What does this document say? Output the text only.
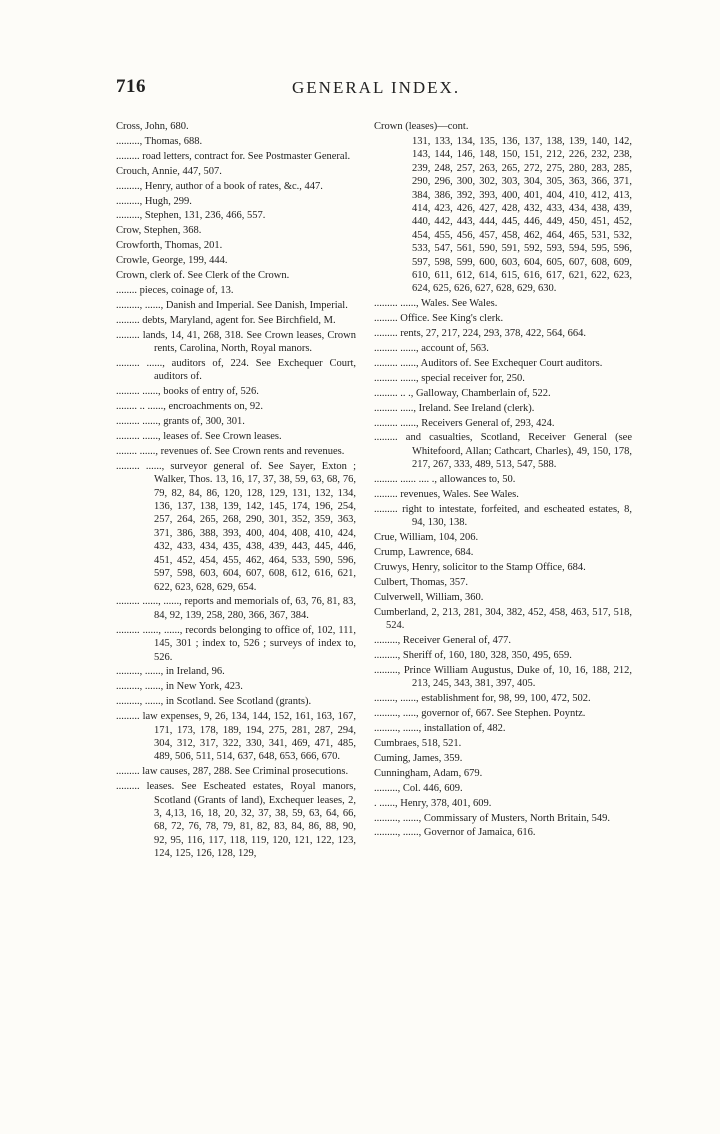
716	GENERAL INDEX.
Cross, John, 680.
........., Thomas, 688.
......... road letters, contract for. See Postmaster General.
Crouch, Annie, 447, 507.
........., Henry, author of a book of rates, &c., 447.
........., Hugh, 299.
........., Stephen, 131, 236, 466, 557.
Crow, Stephen, 368.
Crowforth, Thomas, 201.
Crowle, George, 199, 444.
Crown, clerk of. See Clerk of the Crown.
........ pieces, coinage of, 13.
........., ......, Danish and Imperial. See Danish, Imperial.
......... debts, Maryland, agent for. See Birchfield, M.
......... lands, 14, 41, 268, 318. See Crown leases, Crown rents, Carolina, North, Royal manors.
......... ......, auditors of, 224. See Exchequer Court, auditors of.
......... ......, books of entry of, 526.
........ .. ......, encroachments on, 92.
......... ......, grants of, 300, 301.
......... ......, leases of. See Crown leases.
........ ......, revenues of. See Crown rents and revenues.
......... ......, surveyor general of. See Sayer, Exton ; Walker, Thos. 13, 16, 17, 37, 38, 59, 63, 68, 76, 79, 82, 84, 86, 120, 128, 129, 131, 132, 134, 136, 137, 138, 139, 142, 145, 174, 196, 254, 257, 264, 265, 268, 290, 301, 352, 359, 363, 371, 386, 388, 393, 400, 404, 408, 410, 424, 432, 433, 434, 435, 438, 439, 443, 445, 446, 451, 452, 454, 455, 462, 464, 533, 590, 596, 597, 598, 603, 604, 607, 608, 612, 616, 621, 622, 623, 628, 629, 654.
......... ......, ......, reports and memorials of, 63, 76, 81, 83, 84, 92, 139, 258, 280, 366, 367, 384.
......... ......, ......, records belonging to office of, 102, 111, 145, 301 ; index to, 526 ; surveys of index to, 526.
........., ......, in Ireland, 96.
........., ......, in New York, 423.
........., ......, in Scotland. See Scotland (grants).
......... law expenses, 9, 26, 134, 144, 152, 161, 163, 167, 171, 173, 178, 189, 194, 275, 281, 287, 294, 304, 312, 317, 322, 330, 341, 469, 471, 485, 489, 506, 511, 514, 637, 648, 653, 666, 670.
......... law causes, 287, 288. See Criminal prosecutions.
......... leases. See Escheated estates, Royal manors, Scotland (Grants of land), Exchequer leases, 2, 3, 4,13, 16, 18, 20, 32, 37, 38, 59, 63, 64, 66, 68, 72, 76, 78, 79, 81, 82, 83, 84, 86, 88, 90, 92, 95, 116, 117, 118, 119, 120, 121, 122, 123, 124, 125, 126, 128, 129,
Crown (leases)—cont.
131, 133, 134, 135, 136, 137, 138, 139, 140, 142, 143, 144, 146, 148, 150, 151, 212, 226, 232, 238, 239, 248, 257, 263, 265, 272, 275, 280, 283, 285, 290, 296, 300, 302, 303, 304, 305, 363, 366, 371, 384, 386, 392, 393, 400, 401, 404, 410, 412, 413, 414, 423, 426, 427, 428, 432, 433, 434, 438, 439, 440, 442, 443, 444, 445, 446, 449, 450, 451, 452, 454, 455, 456, 457, 458, 462, 464, 465, 531, 532, 533, 547, 561, 590, 591, 592, 593, 594, 595, 596, 597, 598, 599, 600, 603, 604, 605, 607, 608, 609, 610, 611, 612, 614, 615, 616, 617, 621, 622, 623, 624, 625, 626, 627, 628, 629, 630.
......... ......, Wales. See Wales.
......... Office. See King's clerk.
......... rents, 27, 217, 224, 293, 378, 422, 564, 664.
......... ......, account of, 563.
......... ......, Auditors of. See Exchequer Court auditors.
......... ......, special receiver for, 250.
......... .. ., Galloway, Chamberlain of, 522.
......... ....., Ireland. See Ireland (clerk).
......... ......, Receivers General of, 293, 424.
......... and casualties, Scotland, Receiver General (see Whitefoord, Allan; Cathcart, Charles), 49, 150, 178, 217, 267, 333, 489, 513, 547, 588.
......... ...... .... ., allowances to, 50.
......... revenues, Wales. See Wales.
......... right to intestate, forfeited, and escheated estates, 8, 94, 130, 138.
Crue, William, 104, 206.
Crump, Lawrence, 684.
Cruwys, Henry, solicitor to the Stamp Office, 684.
Culbert, Thomas, 357.
Culverwell, William, 360.
Cumberland, 2, 213, 281, 304, 382, 452, 458, 463, 517, 518, 524.
........., Receiver General of, 477.
........., Sheriff of, 160, 180, 328, 350, 495, 659.
........., Prince William Augustus, Duke of, 10, 16, 188, 212, 213, 245, 343, 381, 397, 405.
........, ......, establishment for, 98, 99, 100, 472, 502.
........., ....., governor of, 667. See Stephen. Poyntz.
........., ......, installation of, 482.
Cumbraes, 518, 521.
Cuming, James, 359.
Cunningham, Adam, 679.
........., Col. 446, 609.
. ......, Henry, 378, 401, 609.
........., ......, Commissary of Musters, North Britain, 549.
........., ......, Governor of Jamaica, 616.
